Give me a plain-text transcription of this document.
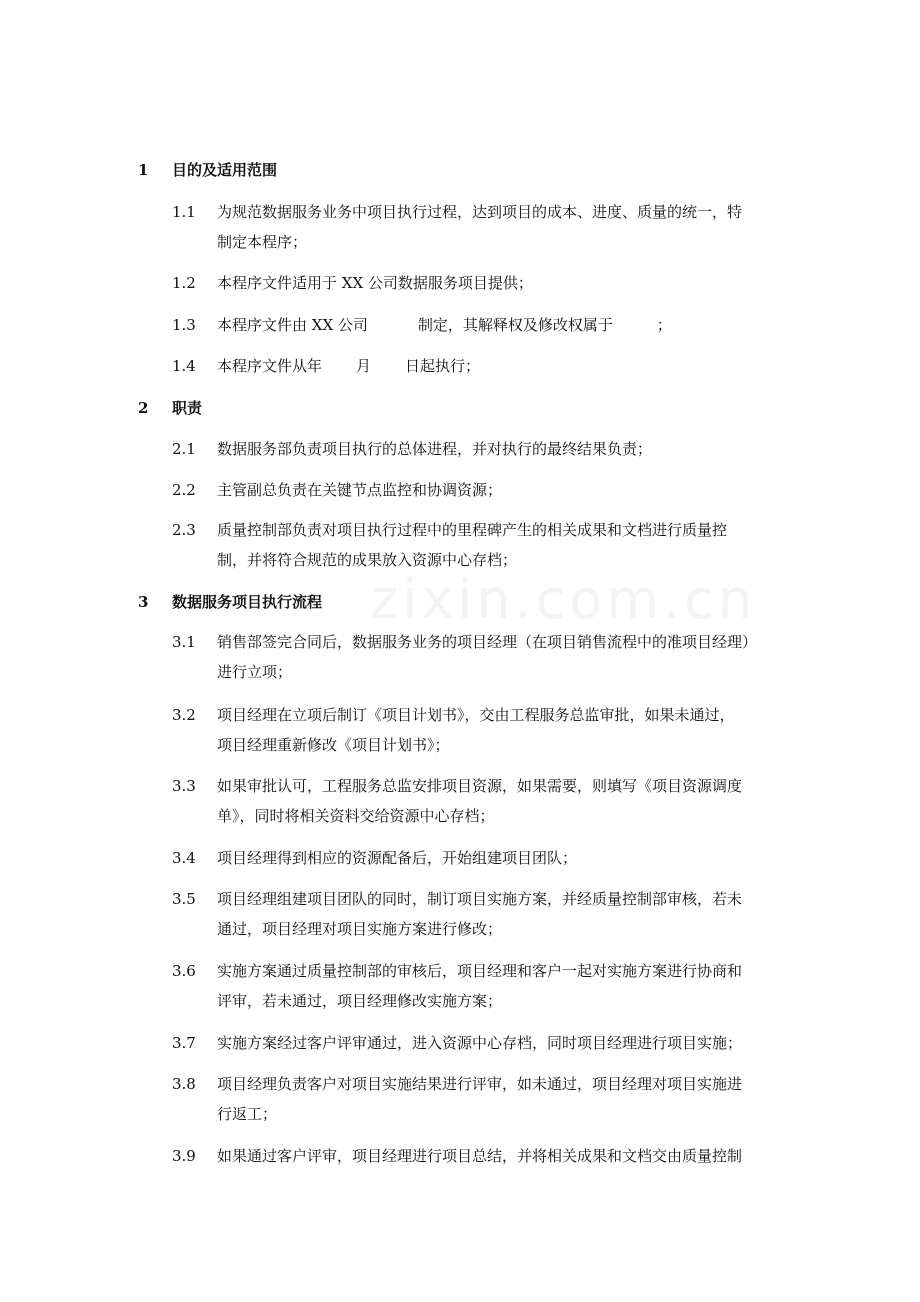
zixin.com.cn
1 目的及适用范围
1.1 为规范数据服务业务中项目执行过程，达到项目的成本、进度、质量的统一，特
制定本程序；
1.2 本程序文件适用于 XX 公司数据服务项目提供；
1.3 本程序文件由 XX 公司	制定，其解释权及修改权属于	；
1.4 本程序文件从年 月 日起执行；
2 职责
2.1 数据服务部负责项目执行的总体进程，并对执行的最终结果负责；
2.2 主管副总负责在关键节点监控和协调资源；
2.3 质量控制部负责对项目执行过程中的里程碑产生的相关成果和文档进行质量控
制，并将符合规范的成果放入资源中心存档；
3 数据服务项目执行流程
3.1 销售部签完合同后，数据服务业务的项目经理（在项目销售流程中的准项目经理）
进行立项；
3.2 项目经理在立项后制订《项目计划书》，交由工程服务总监审批，如果未通过，
项目经理重新修改《项目计划书》；
3.3 如果审批认可，工程服务总监安排项目资源，如果需要，则填写《项目资源调度
单》，同时将相关资料交给资源中心存档；
3.4 项目经理得到相应的资源配备后，开始组建项目团队；
3.5 项目经理组建项目团队的同时，制订项目实施方案，并经质量控制部审核，若未
通过，项目经理对项目实施方案进行修改；
3.6 实施方案通过质量控制部的审核后，项目经理和客户一起对实施方案进行协商和
评审，若未通过，项目经理修改实施方案；
3.7 实施方案经过客户评审通过，进入资源中心存档，同时项目经理进行项目实施；
3.8 项目经理负责客户对项目实施结果进行评审，如未通过，项目经理对项目实施进
行返工；
3.9 如果通过客户评审，项目经理进行项目总结，并将相关成果和文档交由质量控制
